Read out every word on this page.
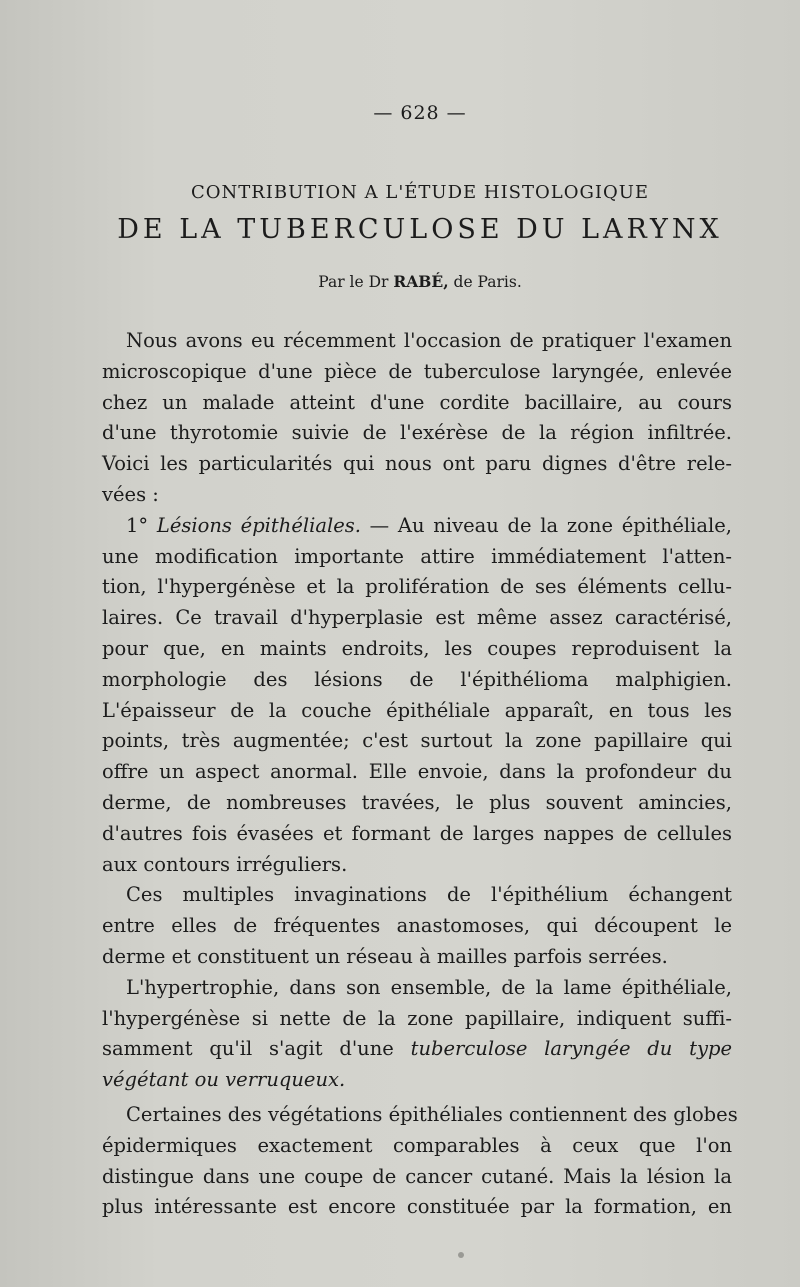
— 628 —
CONTRIBUTION A L'ÉTUDE HISTOLOGIQUE
DE LA TUBERCULOSE DU LARYNX
Par le Dr RABÉ, de Paris.
Nous avons eu récemment l'occasion de pratiquer l'examen
microscopique d'une pièce de tuberculose laryngée, enlevée
chez un malade atteint d'une cordite bacillaire, au cours
d'une thyrotomie suivie de l'exérèse de la région infiltrée.
Voici les particularités qui nous ont paru dignes d'être rele-
vées :
1° Lésions épithéliales. — Au niveau de la zone épithéliale,
une modification importante attire immédiatement l'atten-
tion, l'hypergénèse et la prolifération de ses éléments cellu-
laires. Ce travail d'hyperplasie est même assez caractérisé,
pour que, en maints endroits, les coupes reproduisent la
morphologie des lésions de l'épithélioma malphigien.
L'épaisseur de la couche épithéliale apparaît, en tous les
points, très augmentée; c'est surtout la zone papillaire qui
offre un aspect anormal. Elle envoie, dans la profondeur du
derme, de nombreuses travées, le plus souvent amincies,
d'autres fois évasées et formant de larges nappes de cellules
aux contours irréguliers.
Ces multiples invaginations de l'épithélium échangent
entre elles de fréquentes anastomoses, qui découpent le
derme et constituent un réseau à mailles parfois serrées.
L'hypertrophie, dans son ensemble, de la lame épithéliale,
l'hypergénèse si nette de la zone papillaire, indiquent suffi-
samment qu'il s'agit d'une tuberculose laryngée du type
végétant ou verruqueux.
Certaines des végétations épithéliales contiennent des globes
épidermiques exactement comparables à ceux que l'on
distingue dans une coupe de cancer cutané. Mais la lésion la
plus intéressante est encore constituée par la formation, en
